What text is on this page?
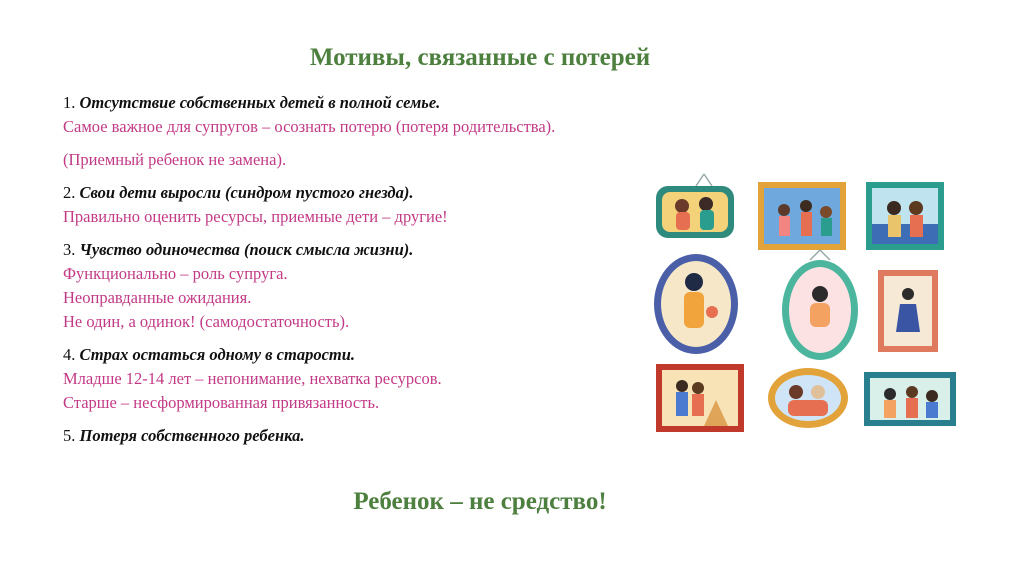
Мотивы, связанные с потерей
1. Отсутствие собственных детей в полной семье.
Самое важное для супругов – осознать потерю (потеря родительства).
(Приемный ребенок не замена).
2. Свои дети выросли (синдром пустого гнезда).
Правильно оценить ресурсы, приемные дети – другие!
3. Чувство одиночества (поиск смысла жизни).
Функционально – роль супруга.
Неоправданные ожидания.
Не один, а одинок! (самодостаточность).
4. Страх остаться одному в старости.
Младше 12-14 лет – непонимание, нехватка ресурсов.
Старше – несформированная привязанность.
5. Потеря собственного ребенка.
Ребенок – не средство!
